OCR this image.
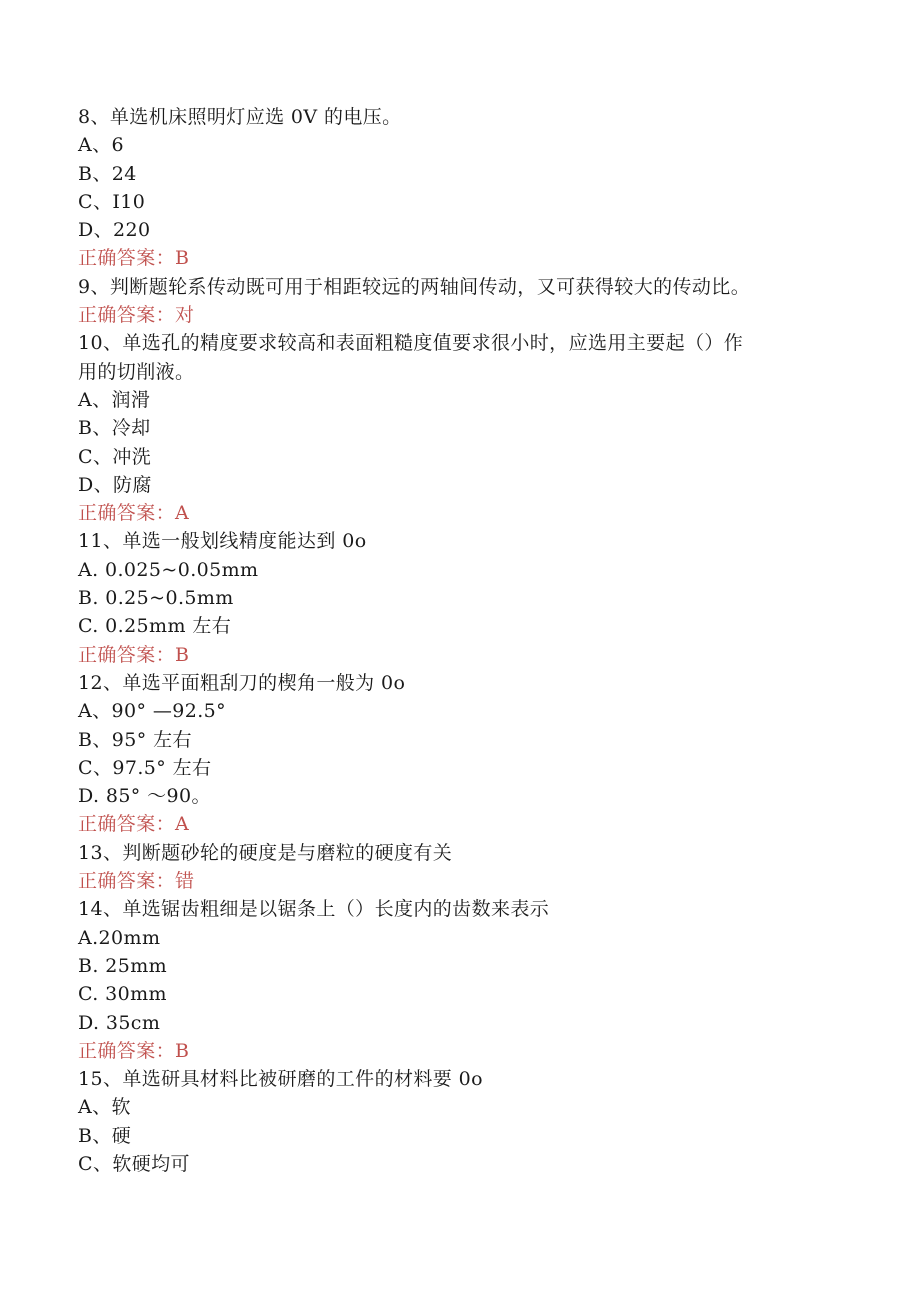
8、单选机床照明灯应选 0V 的电压。
A、6
B、24
C、I10
D、220
正确答案：B
9、判断题轮系传动既可用于相距较远的两轴间传动，又可获得较大的传动比。
正确答案：对
10、单选孔的精度要求较高和表面粗糙度值要求很小时，应选用主要起（）作
用的切削液。
A、润滑
B、冷却
C、冲洗
D、防腐
正确答案：A
11、单选一般划线精度能达到 0o
A. 0.025~0.05mm
B. 0.25~0.5mm
C. 0.25mm 左右
正确答案：B
12、单选平面粗刮刀的楔角一般为 0o
A、90° —92.5°
B、95° 左右
C、97.5° 左右
D. 85° ～90。
正确答案：A
13、判断题砂轮的硬度是与磨粒的硬度有关
正确答案：错
14、单选锯齿粗细是以锯条上（）长度内的齿数来表示
A.20mm
B. 25mm
C. 30mm
D. 35cm
正确答案：B
15、单选研具材料比被研磨的工件的材料要 0o
A、软
B、硬
C、软硬均可
